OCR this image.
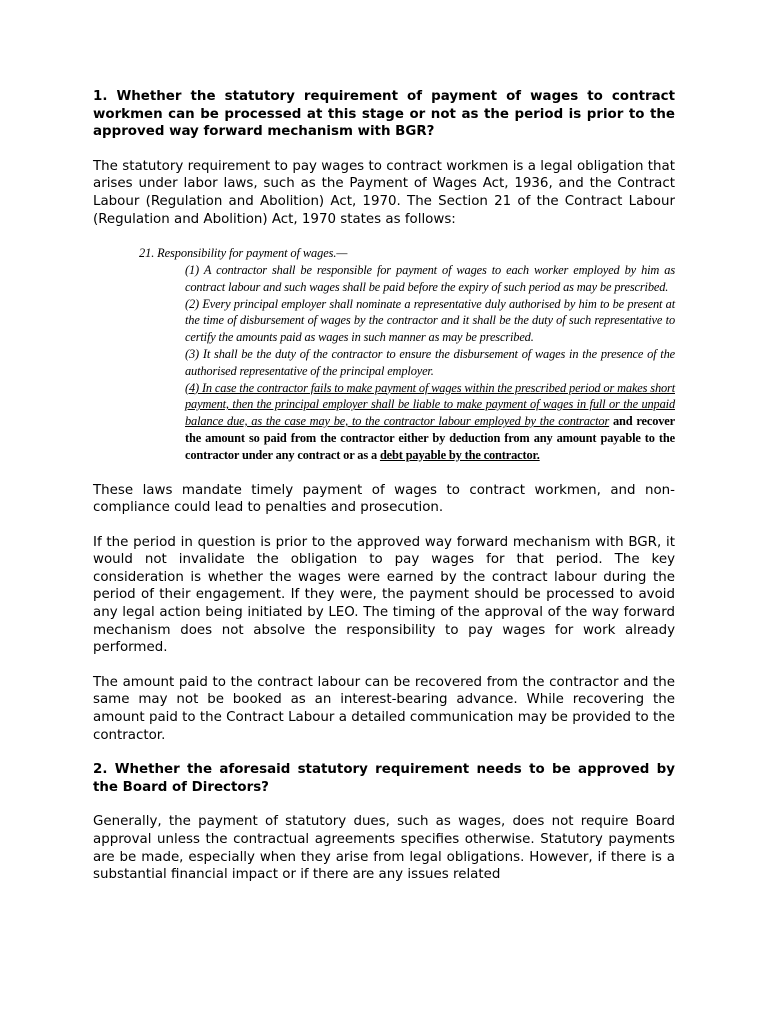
1. Whether the statutory requirement of payment of wages to contract workmen can be processed at this stage or not as the period is prior to the approved way forward mechanism with BGR?

The statutory requirement to pay wages to contract workmen is a legal obligation that arises under labor laws, such as the Payment of Wages Act, 1936, and the Contract Labour (Regulation and Abolition) Act, 1970. The Section 21 of the Contract Labour (Regulation and Abolition) Act, 1970 states as follows:

21. Responsibility for payment of wages.—
(1) A contractor shall be responsible for payment of wages to each worker employed by him as contract labour and such wages shall be paid before the expiry of such period as may be prescribed.
(2) Every principal employer shall nominate a representative duly authorised by him to be present at the time of disbursement of wages by the contractor and it shall be the duty of such representative to certify the amounts paid as wages in such manner as may be prescribed.
(3) It shall be the duty of the contractor to ensure the disbursement of wages in the presence of the authorised representative of the principal employer.
(4) In case the contractor fails to make payment of wages within the prescribed period or makes short payment, then the principal employer shall be liable to make payment of wages in full or the unpaid balance due, as the case may be, to the contractor labour employed by the contractor and recover the amount so paid from the contractor either by deduction from any amount payable to the contractor under any contract or as a debt payable by the contractor.

These laws mandate timely payment of wages to contract workmen, and non-compliance could lead to penalties and prosecution.

If the period in question is prior to the approved way forward mechanism with BGR, it would not invalidate the obligation to pay wages for that period. The key consideration is whether the wages were earned by the contract labour during the period of their engagement. If they were, the payment should be processed to avoid any legal action being initiated by LEO. The timing of the approval of the way forward mechanism does not absolve the responsibility to pay wages for work already performed.

The amount paid to the contract labour can be recovered from the contractor and the same may not be booked as an interest-bearing advance. While recovering the amount paid to the Contract Labour a detailed communication may be provided to the contractor.

2. Whether the aforesaid statutory requirement needs to be approved by the Board of Directors?

Generally, the payment of statutory dues, such as wages, does not require Board approval unless the contractual agreements specifies otherwise. Statutory payments are be made, especially when they arise from legal obligations. However, if there is a substantial financial impact or if there are any issues related
